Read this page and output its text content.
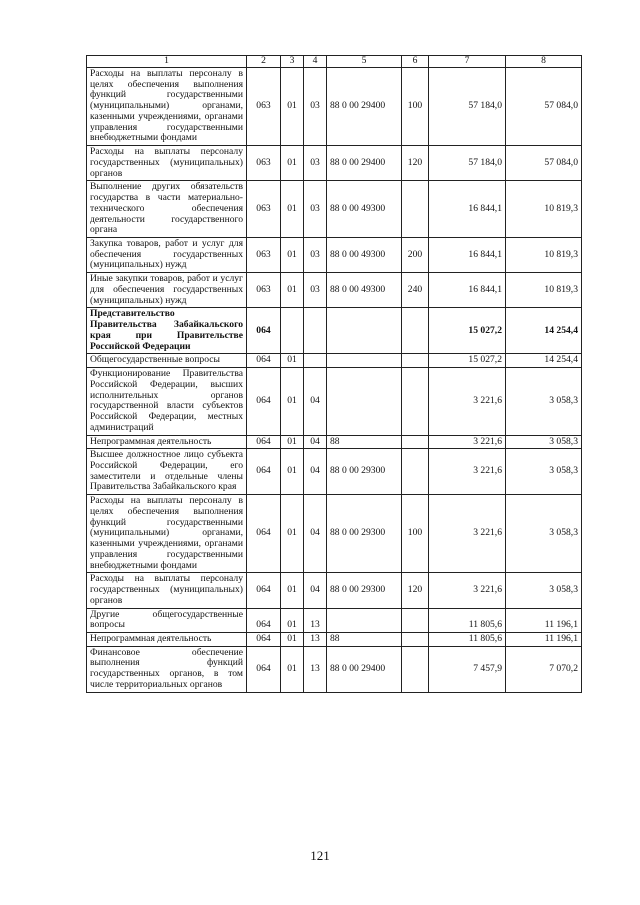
1	2	3	4	5	6	7	8
Расходы на выплаты персоналу в целях обеспечения выполнения функций государственными (муниципальными) органами, казенными учреждениями, органами управления государственными внебюджетными фондами	063	01	03	88 0 00 29400	100	57 184,0	57 084,0
Расходы на выплаты персоналу государственных (муниципальных) органов	063	01	03	88 0 00 29400	120	57 184,0	57 084,0
Выполнение других обязательств государства в части материально-технического обеспечения деятельности государственного органа	063	01	03	88 0 00 49300		16 844,1	10 819,3
Закупка товаров, работ и услуг для обеспечения государственных (муниципальных) нужд	063	01	03	88 0 00 49300	200	16 844,1	10 819,3
Иные закупки товаров, работ и услуг для обеспечения государственных (муниципальных) нужд	063	01	03	88 0 00 49300	240	16 844,1	10 819,3
Представительство Правительства Забайкальского края при Правительстве Российской Федерации	064					15 027,2	14 254,4
Общегосударственные вопросы	064	01				15 027,2	14 254,4
Функционирование Правительства Российской Федерации, высших исполнительных органов государственной власти субъектов Российской Федерации, местных администраций	064	01	04			3 221,6	3 058,3
Непрограммная деятельность	064	01	04	88		3 221,6	3 058,3
Высшее должностное лицо субъекта Российской Федерации, его заместители и отдельные члены Правительства Забайкальского края	064	01	04	88 0 00 29300		3 221,6	3 058,3
Расходы на выплаты персоналу в целях обеспечения выполнения функций государственными (муниципальными) органами, казенными учреждениями, органами управления государственными внебюджетными фондами	064	01	04	88 0 00 29300	100	3 221,6	3 058,3
Расходы на выплаты персоналу государственных (муниципальных) органов	064	01	04	88 0 00 29300	120	3 221,6	3 058,3
Другие общегосударственные вопросы	064	01	13			11 805,6	11 196,1
Непрограммная деятельность	064	01	13	88		11 805,6	11 196,1
Финансовое обеспечение выполнения функций государственных органов, в том числе территориальных органов	064	01	13	88 0 00 29400		7 457,9	7 070,2
121
